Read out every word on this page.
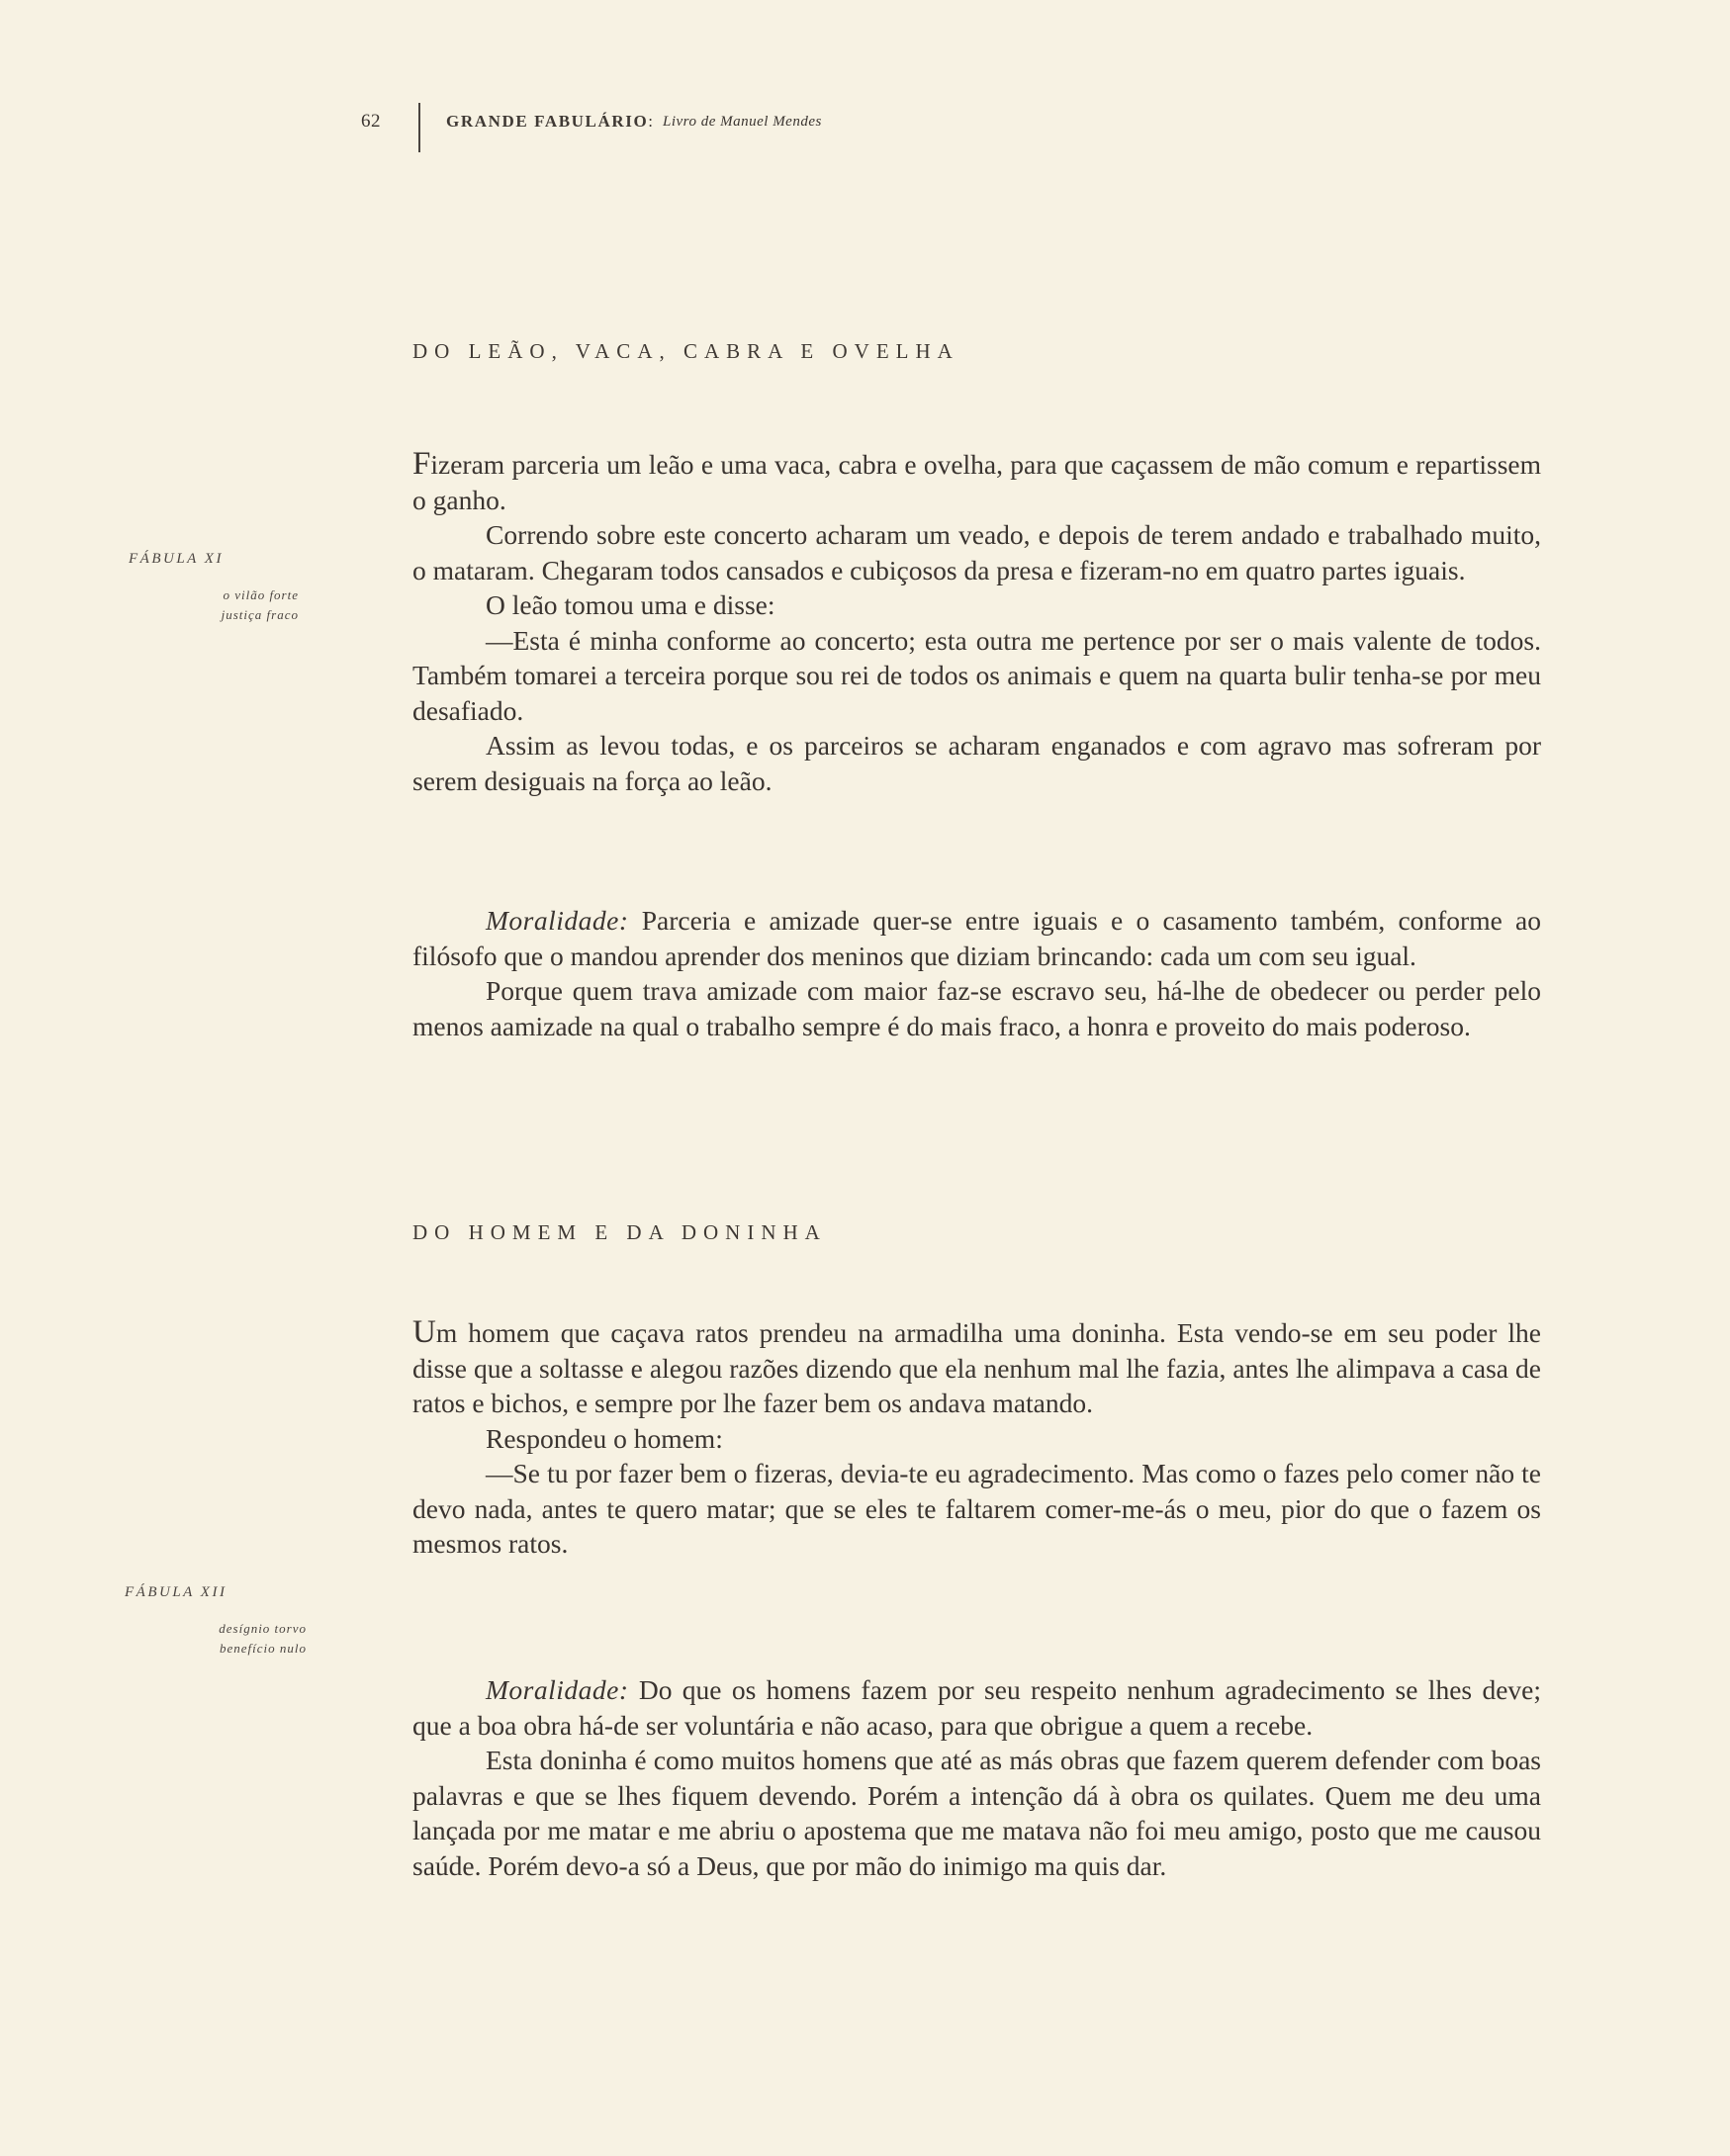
62	GRANDE FABULÁRIO : Livro de Manuel Mendes
DO LEÃO, VACA, CABRA E OVELHA
FÁBULA XI
o vilão forte
justiça fraco

Fizeram parceria um leão e uma vaca, cabra e ovelha, para que caçassem de mão comum e repartissem o ganho.

Correndo sobre este concerto acharam um veado, e depois de terem andado e trabalhado muito, o mataram. Chegaram todos cansados e cubiçosos da presa e fizeram-no em quatro partes iguais.

O leão tomou uma e disse:

—Esta é minha conforme ao concerto; esta outra me pertence por ser o mais valente de todos. Também tomarei a terceira porque sou rei de todos os animais e quem na quarta bulir tenha-se por meu desafiado.

Assim as levou todas, e os parceiros se acharam enganados e com agravo mas sofreram por serem desiguais na força ao leão.

Moralidade: Parceria e amizade quer-se entre iguais e o casamento também, conforme ao filósofo que o mandou aprender dos meninos que diziam brincando: cada um com seu igual.

Porque quem trava amizade com maior faz-se escravo seu, há-lhe de obedecer ou perder pelo menos aamizade na qual o trabalho sempre é do mais fraco, a honra e proveito do mais poderoso.

DO HOMEM E DA DONINHA

Um homem que caçava ratos prendeu na armadilha uma doninha. Esta vendo-se em seu poder lhe disse que a soltasse e alegou razões dizendo que ela nenhum mal lhe fazia, antes lhe alimpava a casa de ratos e bichos, e sempre por lhe fazer bem os andava matando.

Respondeu o homem:

—Se tu por fazer bem o fizeras, devia-te eu agradecimento. Mas como o fazes pelo comer não te devo nada, antes te quero matar; que se eles te faltarem comer-me-ás o meu, pior do que o fazem os mesmos ratos.

FÁBULA XII
desígnio torvo
benefício nulo

Moralidade: Do que os homens fazem por seu respeito nenhum agradecimento se lhes deve; que a boa obra há-de ser voluntária e não acaso, para que obrigue a quem a recebe.

Esta doninha é como muitos homens que até as más obras que fazem querem defender com boas palavras e que se lhes fiquem devendo. Porém a intenção dá à obra os quilates. Quem me deu uma lançada por me matar e me abriu o apostema que me matava não foi meu amigo, posto que me causou saúde. Porém devo-a só a Deus, que por mão do inimigo ma quis dar.
